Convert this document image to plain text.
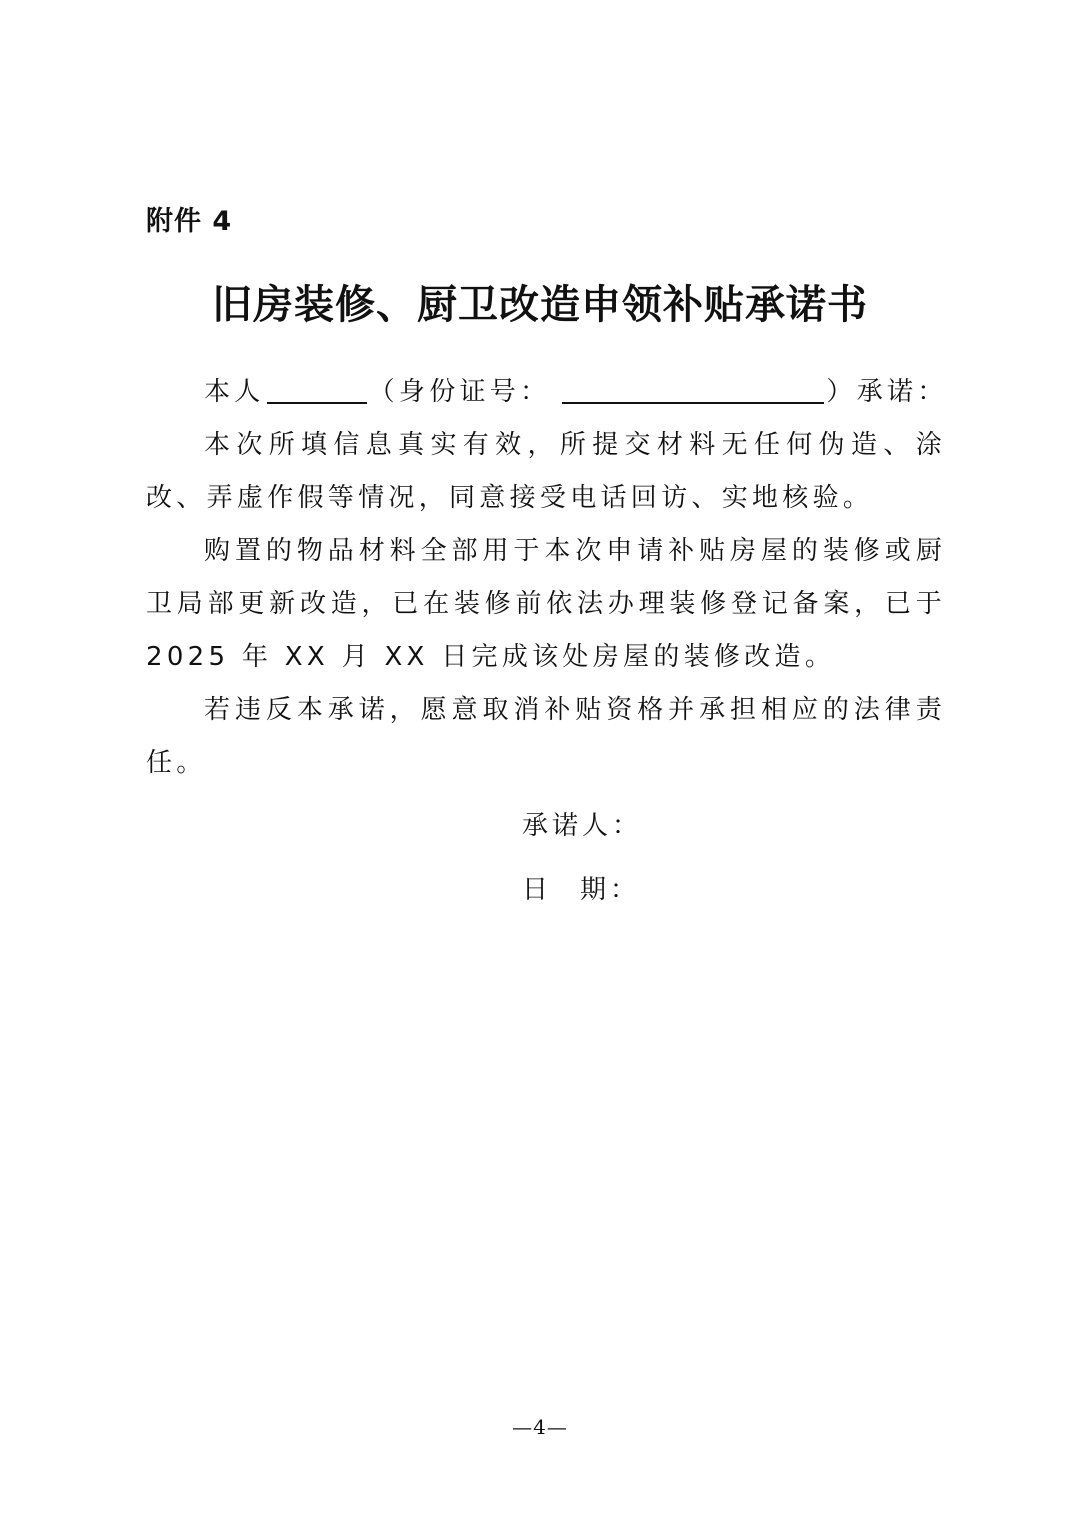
附件 4
旧房装修、厨卫改造申领补贴承诺书

本人	（身份证号：	）承诺：

本次所填信息真实有效，所提交材料无任何伪造、涂改、弄虚作假等情况，同意接受电话回访、实地核验。

购置的物品材料全部用于本次申请补贴房屋的装修或厨卫局部更新改造，已在装修前依法办理装修登记备案，已于 2025 年 XX 月 XX 日完成该处房屋的装修改造。

若违反本承诺，愿意取消补贴资格并承担相应的法律责任。

承诺人：
日 期：
—4—
